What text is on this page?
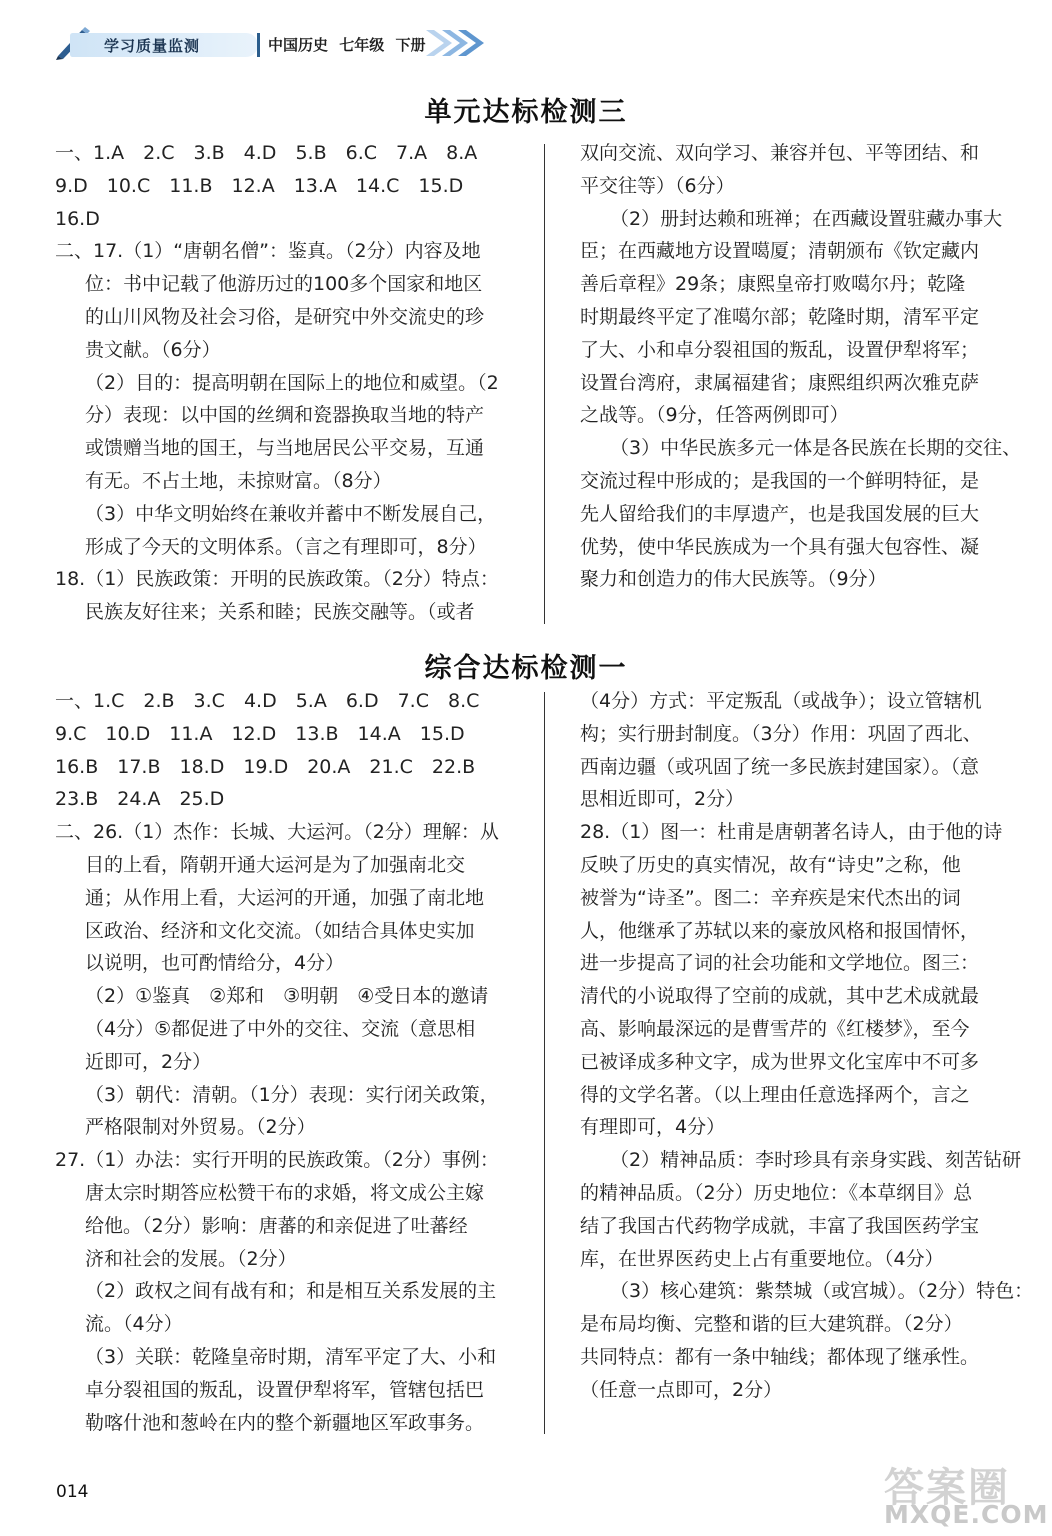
学习质量监测	中国历史 七年级 下册
单元达标检测三

一、1.A　2.C　3.B　4.D　5.B　6.C　7.A　8.A

9.D　10.C　11.B　12.A　13.A　14.C　15.D

16.D

二、17.（1）“唐朝名僧”：鉴真。（2分）内容及地

位：书中记载了他游历过的100多个国家和地区

的山川风物及社会习俗，是研究中外交流史的珍

贵文献。（6分）

（2）目的：提高明朝在国际上的地位和威望。（2

分）表现：以中国的丝绸和瓷器换取当地的特产

或馈赠当地的国王，与当地居民公平交易，互通

有无。不占土地，未掠财富。（8分）

（3）中华文明始终在兼收并蓄中不断发展自己，

形成了今天的文明体系。（言之有理即可，8分）

18.（1）民族政策：开明的民族政策。（2分）特点：

民族友好往来；关系和睦；民族交融等。（或者

双向交流、双向学习、兼容并包、平等团结、和

平交往等）（6分）

（2）册封达赖和班禅；在西藏设置驻藏办事大

臣；在西藏地方设置噶厦；清朝颁布《钦定藏内

善后章程》29条；康熙皇帝打败噶尔丹；乾隆

时期最终平定了准噶尔部；乾隆时期，清军平定

了大、小和卓分裂祖国的叛乱，设置伊犁将军；

设置台湾府，隶属福建省；康熙组织两次雅克萨

之战等。（9分，任答两例即可）

（3）中华民族多元一体是各民族在长期的交往、

交流过程中形成的；是我国的一个鲜明特征，是

先人留给我们的丰厚遗产，也是我国发展的巨大

优势，使中华民族成为一个具有强大包容性、凝

聚力和创造力的伟大民族等。（9分）

综合达标检测一

一、1.C　2.B　3.C　4.D　5.A　6.D　7.C　8.C

9.C　10.D　11.A　12.D　13.B　14.A　15.D

16.B　17.B　18.D　19.D　20.A　21.C　22.B

23.B　24.A　25.D

二、26.（1）杰作：长城、大运河。（2分）理解：从

目的上看，隋朝开通大运河是为了加强南北交

通；从作用上看，大运河的开通，加强了南北地

区政治、经济和文化交流。（如结合具体史实加

以说明，也可酌情给分，4分）

（2）①鉴真　②郑和　③明朝　④受日本的邀请

（4分）⑤都促进了中外的交往、交流（意思相

近即可，2分）

（3）朝代：清朝。（1分）表现：实行闭关政策，

严格限制对外贸易。（2分）

27.（1）办法：实行开明的民族政策。（2分）事例：

唐太宗时期答应松赞干布的求婚，将文成公主嫁

给他。（2分）影响：唐蕃的和亲促进了吐蕃经

济和社会的发展。（2分）

（2）政权之间有战有和；和是相互关系发展的主

流。（4分）

（3）关联：乾隆皇帝时期，清军平定了大、小和

卓分裂祖国的叛乱，设置伊犁将军，管辖包括巴

勒喀什池和葱岭在内的整个新疆地区军政事务。

（4分）方式：平定叛乱（或战争）；设立管辖机

构；实行册封制度。（3分）作用：巩固了西北、

西南边疆（或巩固了统一多民族封建国家）。（意

思相近即可，2分）

28.（1）图一：杜甫是唐朝著名诗人，由于他的诗

反映了历史的真实情况，故有“诗史”之称，他

被誉为“诗圣”。图二：辛弃疾是宋代杰出的词

人，他继承了苏轼以来的豪放风格和报国情怀，

进一步提高了词的社会功能和文学地位。图三：

清代的小说取得了空前的成就，其中艺术成就最

高、影响最深远的是曹雪芹的《红楼梦》，至今

已被译成多种文字，成为世界文化宝库中不可多

得的文学名著。（以上理由任意选择两个，言之

有理即可，4分）

（2）精神品质：李时珍具有亲身实践、刻苦钻研

的精神品质。（2分）历史地位：《本草纲目》总

结了我国古代药物学成就，丰富了我国医药学宝

库，在世界医药史上占有重要地位。（4分）

（3）核心建筑：紫禁城（或宫城）。（2分）特色：

是布局均衡、完整和谐的巨大建筑群。（2分）

共同特点：都有一条中轴线；都体现了继承性。

（任意一点即可，2分）

014	答案圈
MXQE.COM
